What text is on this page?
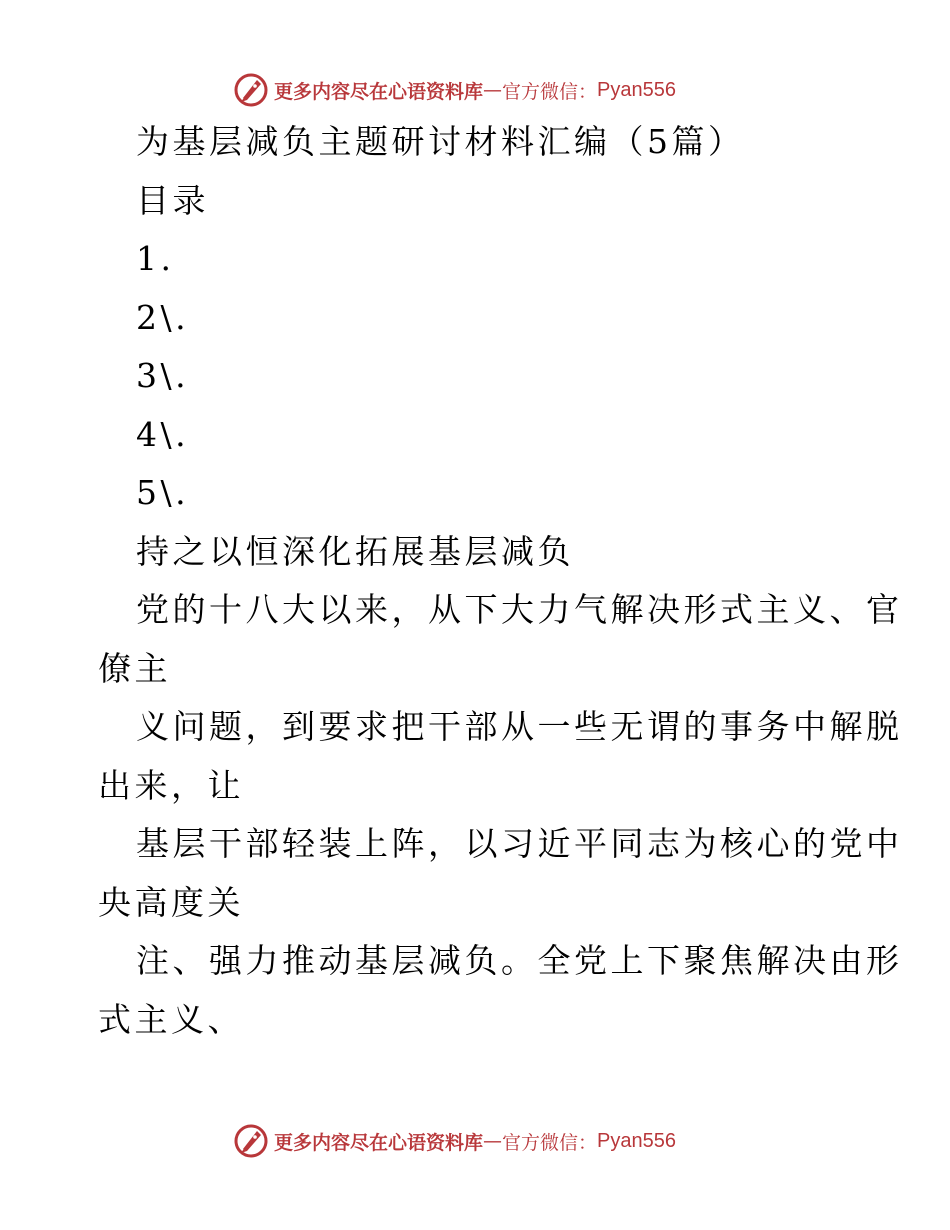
更多内容尽在心语资料库 — 官方微信： Pyan556
为基层减负主题研讨材料汇编（5篇）
目录
1.
2\.
3\.
4\.
5\.
持之以恒深化拓展基层减负
党的十八大以来，从下大力气解决形式主义、官
僚主
义问题，到要求把干部从一些无谓的事务中解脱
出来，让
基层干部轻装上阵，以习近平同志为核心的党中
央高度关
注、强力推动基层减负。全党上下聚焦解决由形
式主义、
更多内容尽在心语资料库 — 官方微信： Pyan556
